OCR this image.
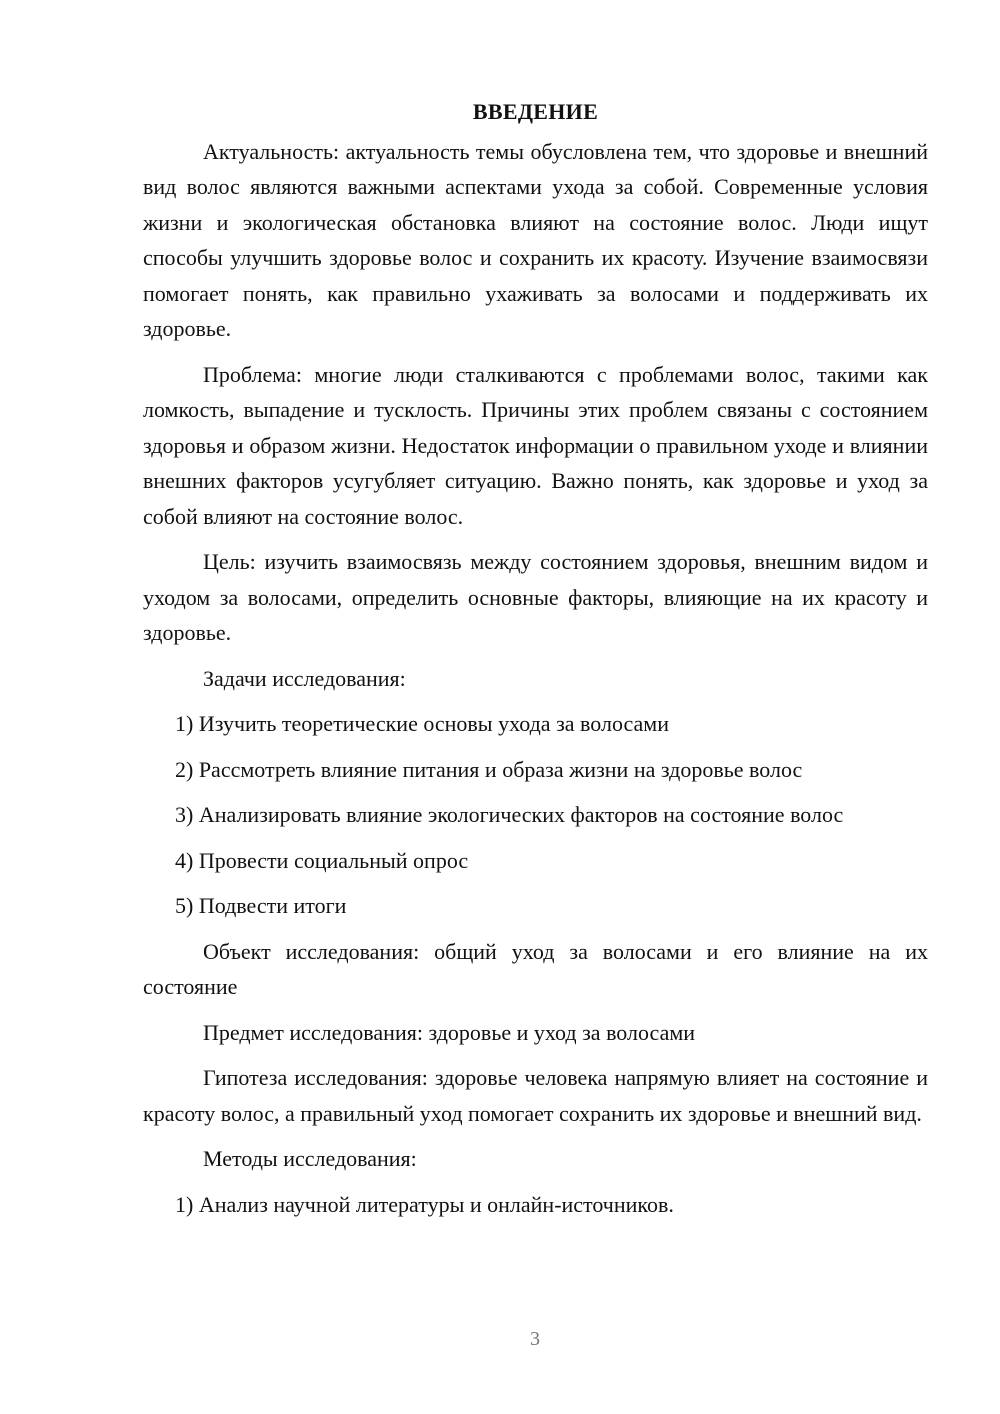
ВВЕДЕНИЕ

Актуальность: актуальность темы обусловлена тем, что здоровье и внешний вид волос являются важными аспектами ухода за собой. Современные условия жизни и экологическая обстановка влияют на состояние волос. Люди ищут способы улучшить здоровье волос и сохранить их красоту. Изучение взаимосвязи помогает понять, как правильно ухаживать за волосами и поддерживать их здоровье.

Проблема: многие люди сталкиваются с проблемами волос, такими как ломкость, выпадение и тусклость. Причины этих проблем связаны с состоянием здоровья и образом жизни. Недостаток информации о правильном уходе и влиянии внешних факторов усугубляет ситуацию. Важно понять, как здоровье и уход за собой влияют на состояние волос.

Цель: изучить взаимосвязь между состоянием здоровья, внешним видом и уходом за волосами, определить основные факторы, влияющие на их красоту и здоровье.

Задачи исследования:

1) Изучить теоретические основы ухода за волосами

2) Рассмотреть влияние питания и образа жизни на здоровье волос

3) Анализировать влияние экологических факторов на состояние волос

4) Провести социальный опрос

5) Подвести итоги

Объект исследования: общий уход за волосами и его влияние на их состояние

Предмет исследования: здоровье и уход за волосами

Гипотеза исследования: здоровье человека напрямую влияет на состояние и красоту волос, а правильный уход помогает сохранить их здоровье и внешний вид.

Методы исследования:

1) Анализ научной литературы и онлайн-источников.

3
